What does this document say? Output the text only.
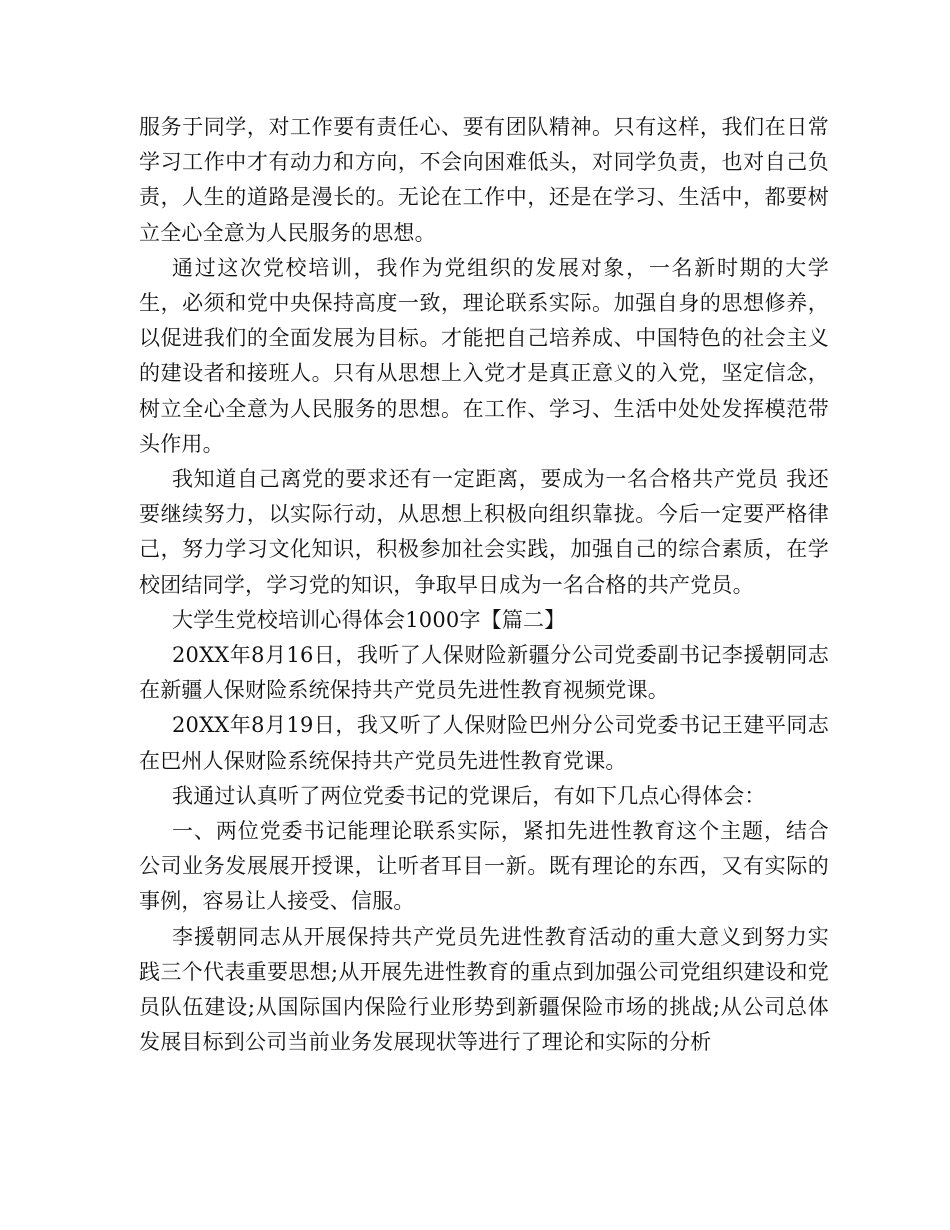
服务于同学，对工作要有责任心、要有团队精神。只有这样，我们在日常学习工作中才有动力和方向，不会向困难低头，对同学负责，也对自己负责，人生的道路是漫长的。无论在工作中，还是在学习、生活中，都要树立全心全意为人民服务的思想。

通过这次党校培训，我作为党组织的发展对象，一名新时期的大学生，必须和党中央保持高度一致，理论联系实际。加强自身的思想修养，以促进我们的全面发展为目标。才能把自己培养成、中国特色的社会主义的建设者和接班人。只有从思想上入党才是真正意义的入党，坚定信念，树立全心全意为人民服务的思想。在工作、学习、生活中处处发挥模范带头作用。

我知道自己离党的要求还有一定距离，要成为一名合格共产党员 我还要继续努力，以实际行动，从思想上积极向组织靠拢。今后一定要严格律己，努力学习文化知识，积极参加社会实践，加强自己的综合素质，在学校团结同学，学习党的知识，争取早日成为一名合格的共产党员。

大学生党校培训心得体会1000字【篇二】

20XX年8月16日，我听了人保财险新疆分公司党委副书记李援朝同志在新疆人保财险系统保持共产党员先进性教育视频党课。

20XX年8月19日，我又听了人保财险巴州分公司党委书记王建平同志在巴州人保财险系统保持共产党员先进性教育党课。

我通过认真听了两位党委书记的党课后，有如下几点心得体会：

一、两位党委书记能理论联系实际，紧扣先进性教育这个主题，结合公司业务发展展开授课，让听者耳目一新。既有理论的东西，又有实际的事例，容易让人接受、信服。

李援朝同志从开展保持共产党员先进性教育活动的重大意义到努力实践三个代表重要思想;从开展先进性教育的重点到加强公司党组织建设和党员队伍建设;从国际国内保险行业形势到新疆保险市场的挑战;从公司总体发展目标到公司当前业务发展现状等进行了理论和实际的分析
